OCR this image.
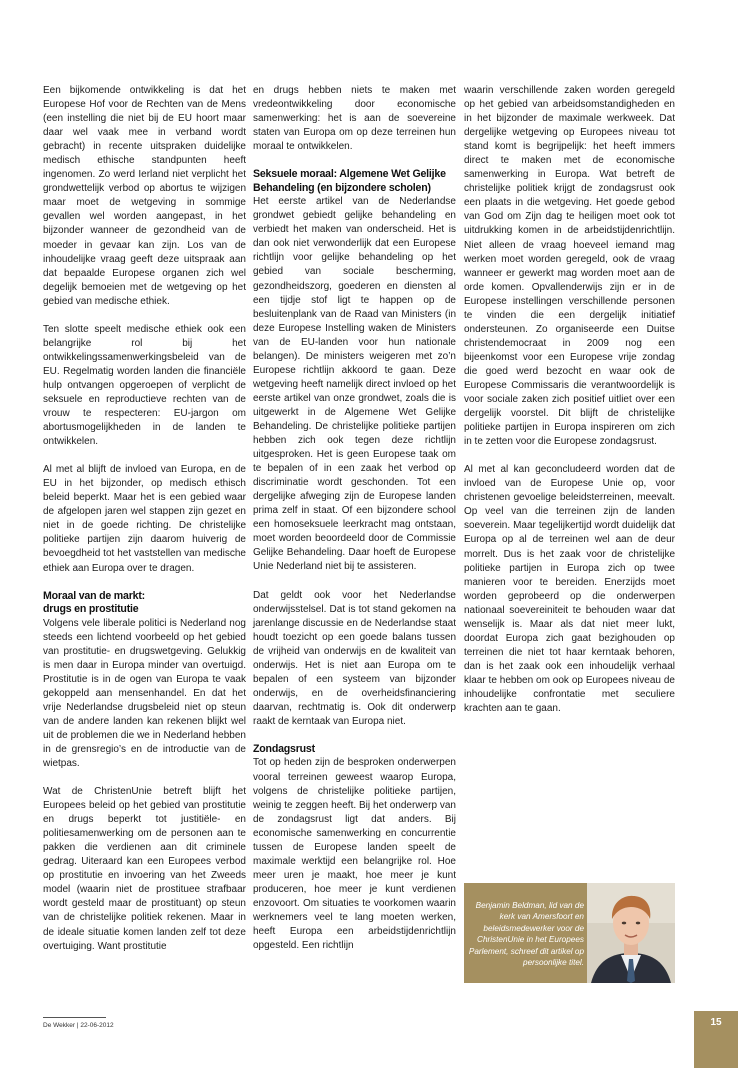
Een bijkomende ontwikkeling is dat het Europese Hof voor de Rechten van de Mens (een instelling die niet bij de EU hoort maar daar wel vaak mee in verband wordt gebracht) in recente uitspraken duidelijke medisch ethische standpunten heeft ingenomen. Zo werd Ierland niet verplicht het grondwettelijk verbod op abortus te wijzigen maar moet de wetgeving in sommige gevallen wel worden aangepast, in het bijzonder wanneer de gezondheid van de moeder in gevaar kan zijn. Los van de inhoudelijke vraag geeft deze uitspraak aan dat bepaalde Europese organen zich wel degelijk bemoeien met de wetgeving op het gebied van medische ethiek.

Ten slotte speelt medische ethiek ook een belangrijke rol bij het ontwikkelingssamenwerkingsbeleid van de EU. Regelmatig worden landen die financiële hulp ontvangen opgeroepen of verplicht de seksuele en reproductieve rechten van de vrouw te respecteren: EU-jargon om abortusmogelijkheden in de landen te ontwikkelen.

Al met al blijft de invloed van Europa, en de EU in het bijzonder, op medisch ethisch beleid beperkt. Maar het is een gebied waar de afgelopen jaren wel stappen zijn gezet en niet in de goede richting. De christelijke politieke partijen zijn daarom huiverig de bevoegdheid tot het vaststellen van medische ethiek aan Europa over te dragen.

Moraal van de markt:
drugs en prostitutie

Volgens vele liberale politici is Nederland nog steeds een lichtend voorbeeld op het gebied van prostitutie- en drugswetgeving. Gelukkig is men daar in Europa minder van overtuigd. Prostitutie is in de ogen van Europa te vaak gekoppeld aan mensenhandel. En dat het vrije Nederlandse drugsbeleid niet op steun van de andere landen kan rekenen blijkt wel uit de problemen die we in Nederland hebben in de grensregio’s en de introductie van de wietpas.

Wat de ChristenUnie betreft blijft het Europees beleid op het gebied van prostitutie en drugs beperkt tot justitiële- en politiesamenwerking om de personen aan te pakken die verdienen aan dit criminele gedrag. Uiteraard kan een Europees verbod op prostitutie en invoering van het Zweeds model (waarin niet de prostituee strafbaar wordt gesteld maar de prostituant) op steun van de christelijke politiek rekenen. Maar in de ideale situatie komen landen zelf tot deze overtuiging. Want prostitutie

en drugs hebben niets te maken met vredeontwikkeling door economische samenwerking: het is aan de soevereine staten van Europa om op deze terreinen hun moraal te ontwikkelen.

Seksuele moraal: Algemene Wet Gelijke Behandeling (en bijzondere scholen)

Het eerste artikel van de Nederlandse grondwet gebiedt gelijke behandeling en verbiedt het maken van onderscheid. Het is dan ook niet verwonderlijk dat een Europese richtlijn voor gelijke behandeling op het gebied van sociale bescherming, gezondheidszorg, goederen en diensten al een tijdje stof ligt te happen op de besluitenplank van de Raad van Ministers (in deze Europese Instelling waken de Ministers van de EU-landen voor hun nationale belangen). De ministers weigeren met zo’n Europese richtlijn akkoord te gaan. Deze wetgeving heeft namelijk direct invloed op het eerste artikel van onze grondwet, zoals die is uitgewerkt in de Algemene Wet Gelijke Behandeling. De christelijke politieke partijen hebben zich ook tegen deze richtlijn uitgesproken. Het is geen Europese taak om te bepalen of in een zaak het verbod op discriminatie wordt geschonden. Tot een dergelijke afweging zijn de Europese landen prima zelf in staat. Of een bijzondere school een homoseksuele leerkracht mag ontstaan, moet worden beoordeeld door de Commissie Gelijke Behandeling. Daar hoeft de Europese Unie Nederland niet bij te assisteren.

Dat geldt ook voor het Nederlandse onderwijsstelsel. Dat is tot stand gekomen na jarenlange discussie en de Nederlandse staat houdt toezicht op een goede balans tussen de vrijheid van onderwijs en de kwaliteit van onderwijs. Het is niet aan Europa om te bepalen of een systeem van bijzonder onderwijs, en de overheidsfinanciering daarvan, rechtmatig is. Ook dit onderwerp raakt de kerntaak van Europa niet.

Zondagsrust

Tot op heden zijn de besproken onderwerpen vooral terreinen geweest waarop Europa, volgens de christelijke politieke partijen, weinig te zeggen heeft. Bij het onderwerp van de zondagsrust ligt dat anders. Bij economische samenwerking en concurrentie tussen de Europese landen speelt de maximale werktijd een belangrijke rol. Hoe meer uren je maakt, hoe meer je kunt produceren, hoe meer je kunt verdienen enzovoort. Om situaties te voorkomen waarin werknemers veel te lang moeten werken, heeft Europa een arbeidstijdenrichtlijn opgesteld. Een richtlijn

waarin verschillende zaken worden geregeld op het gebied van arbeidsomstandigheden en in het bijzonder de maximale werkweek. Dat dergelijke wetgeving op Europees niveau tot stand komt is begrijpelijk: het heeft immers direct te maken met de economische samenwerking in Europa. Wat betreft de christelijke politiek krijgt de zondagsrust ook een plaats in die wetgeving. Het goede gebod van God om Zijn dag te heiligen moet ook tot uitdrukking komen in de arbeidstijdenrichtlijn. Niet alleen de vraag hoeveel iemand mag werken moet worden geregeld, ook de vraag wanneer er gewerkt mag worden moet aan de orde komen. Opvallenderwijs zijn er in de Europese instellingen verschillende personen te vinden die een dergelijk initiatief ondersteunen. Zo organiseerde een Duitse christendemocraat in 2009 nog een bijeenkomst voor een Europese vrije zondag die goed werd bezocht en waar ook de Europese Commissaris die verantwoordelijk is voor sociale zaken zich positief uitliet over een dergelijk voorstel. Dit blijft de christelijke politieke partijen in Europa inspireren om zich in te zetten voor die Europese zondagsrust.

Al met al kan geconcludeerd worden dat de invloed van de Europese Unie op, voor christenen gevoelige beleidsterreinen, meevalt. Op veel van die terreinen zijn de landen soeverein. Maar tegelijkertijd wordt duidelijk dat Europa op al de terreinen wel aan de deur morrelt. Dus is het zaak voor de christelijke politieke partijen in Europa zich op twee manieren voor te bereiden. Enerzijds moet worden geprobeerd op die onderwerpen nationaal soevereiniteit te behouden waar dat wenselijk is. Maar als dat niet meer lukt, doordat Europa zich gaat bezighouden op terreinen die niet tot haar kerntaak behoren, dan is het zaak ook een inhoudelijk verhaal klaar te hebben om ook op Europees niveau de inhoudelijke confrontatie met seculiere krachten aan te gaan.

Benjamin Beldman, lid van de kerk van Amersfoort en beleidsmedewerker voor de ChristenUnie in het Europees Parlement, schreef dit artikel op persoonlijke titel.
De Wekker | 22-06-2012	15
